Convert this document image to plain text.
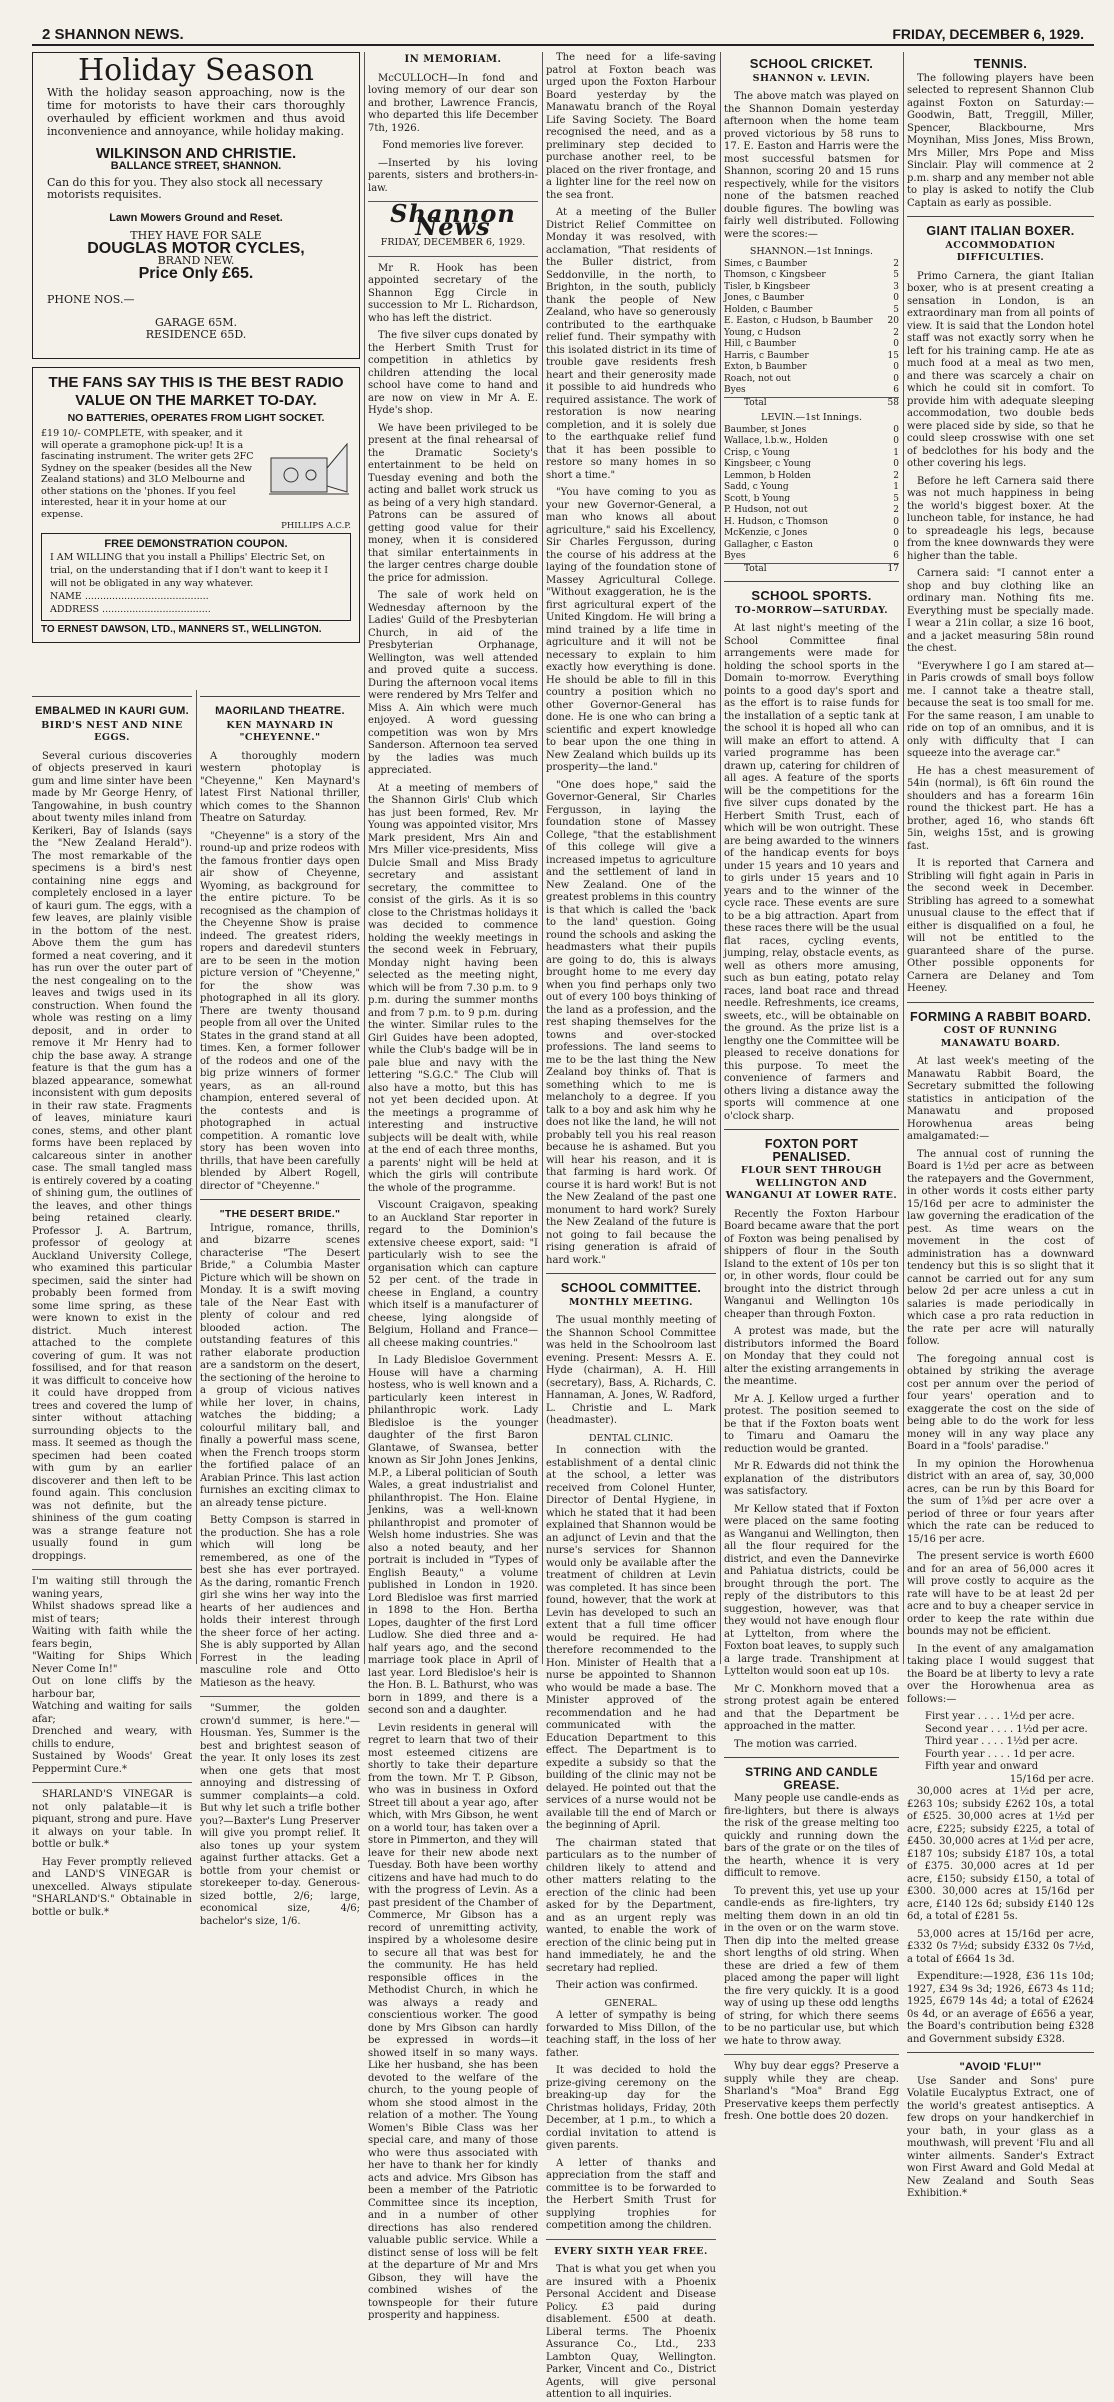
2 SHANNON NEWS.	FRIDAY, DECEMBER 6, 1929.
Holiday Season
With the holiday season approaching, now is the time for motorists to have their cars thoroughly overhauled by efficient workmen and thus avoid inconvenience and annoyance, while holiday making.
WILKINSON AND CHRISTIE.
BALLANCE STREET, SHANNON.
Can do this for you. They also stock all necessary motorists requisites.
Lawn Mowers Ground and Reset.
THEY HAVE FOR SALE
DOUGLAS MOTOR CYCLES,
BRAND NEW.
Price Only £65.
PHONE NOS.—
GARAGE 65M.
RESIDENCE 65D.
THE FANS SAY THIS IS THE BEST RADIO VALUE ON THE MARKET TO-DAY.
NO BATTERIES, OPERATES FROM LIGHT SOCKET.
£19 10/- COMPLETE, with speaker, and it will operate a gramophone pick-up! It is a fascinating instrument. The writer gets 2FC Sydney on the speaker (besides all the New Zealand stations) and 3LO Melbourne and other stations on the 'phones. If you feel interested, hear it in your home at our expense.
PHILLIPS A.C.P.
FREE DEMONSTRATION COUPON.
I AM WILLING that you install a Phillips' Electric Set, on trial, on the understanding that if I don't want to keep it I will not be obligated in any way whatever.
NAME .........................................
ADDRESS ....................................
TO ERNEST DAWSON, LTD., MANNERS ST., WELLINGTON.
EMBALMED IN KAURI GUM.
BIRD'S NEST AND NINE EGGS.

Several curious discoveries of objects preserved in kauri gum and lime sinter have been made by Mr George Henry, of Tangowahine, in bush country about twenty miles inland from Kerikeri, Bay of Islands (says the "New Zealand Herald"). The most remarkable of the specimens is a bird's nest containing nine eggs and completely enclosed in a layer of kauri gum. The eggs, with a few leaves, are plainly visible in the bottom of the nest. Above them the gum has formed a neat covering, and it has run over the outer part of the nest congealing on to the leaves and twigs used in its construction. When found the whole was resting on a limy deposit, and in order to remove it Mr Henry had to chip the base away. A strange feature is that the gum has a blazed appearance, somewhat inconsistent with gum deposits in their raw state. Fragments of leaves, miniature kauri cones, stems, and other plant forms have been replaced by calcareous sinter in another case. The small tangled mass is entirely covered by a coating of shining gum, the outlines of the leaves, and other things being retained clearly. Professor J. A. Bartrum, professor of geology at Auckland University College, who examined this particular specimen, said the sinter had probably been formed from some lime spring, as these were known to exist in the district. Much interest attached to the complete covering of gum. It was not fossilised, and for that reason it was difficult to conceive how it could have dropped from trees and covered the lump of sinter without attaching surrounding objects to the mass. It seemed as though the specimen had been coated with gum by an earlier discoverer and then left to be found again. This conclusion was not definite, but the shininess of the gum coating was a strange feature not usually found in gum droppings.

I'm waiting still through the waning years,

Whilst shadows spread like a mist of tears;

Waiting with faith while the fears begin,

"Waiting for Ships Which Never Come In!"

Out on lone cliffs by the harbour bar,

Watching and waiting for sails afar;

Drenched and weary, with chills to endure,

Sustained by Woods' Great Peppermint Cure.*

SHARLAND'S VINEGAR is not only palatable—it is piquant, strong and pure. Have it always on your table. In bottle or bulk.*

Hay Fever promptly relieved and LAND'S VINEGAR is unexcelled. Always stipulate "SHARLAND'S." Obtainable in bottle or bulk.*

MAORILAND THEATRE.
KEN MAYNARD IN "CHEYENNE."

A thoroughly modern western photoplay is "Cheyenne," Ken Maynard's latest First National thriller, which comes to the Shannon Theatre on Saturday.

"Cheyenne" is a story of the round-up and prize rodeos with the famous frontier days open air show of Cheyenne, Wyoming, as background for the entire picture. To be recognised as the champion of the Cheyenne Show is praise indeed. The greatest riders, ropers and daredevil stunters are to be seen in the motion picture version of "Cheyenne," for the show was photographed in all its glory. There are twenty thousand people from all over the United States in the grand stand at all times. Ken, a former follower of the rodeos and one of the big prize winners of former years, as an all-round champion, entered several of the contests and is photographed in actual competition. A romantic love story has been woven into thrills, that have been carefully blended by Albert Rogell, director of "Cheyenne."

"THE DESERT BRIDE."

Intrigue, romance, thrills, and bizarre scenes characterise "The Desert Bride," a Columbia Master Picture which will be shown on Monday. It is a swift moving tale of the Near East with plenty of colour and red blooded action. The outstanding features of this rather elaborate production are a sandstorm on the desert, the sectioning of the heroine to a group of vicious natives while her lover, in chains, watches the bidding; a colourful military ball, and finally a powerful mass scene, when the French troops storm the fortified palace of an Arabian Prince. This last action furnishes an exciting climax to an already tense picture.

Betty Compson is starred in the production. She has a role which will long be remembered, as one of the best she has ever portrayed. As the daring, romantic French girl she wins her way into the hearts of her audiences and holds their interest through the sheer force of her acting. She is ably supported by Allan Forrest in the leading masculine role and Otto Matieson as the heavy.

"Summer, the golden crown'd summer, is here."—Housman. Yes, Summer is the best and brightest season of the year. It only loses its zest when one gets that most annoying and distressing of summer complaints—a cold. But why let such a trifle bother you?—Baxter's Lung Preserver will give you prompt relief. It also tones up your system against further attacks. Get a bottle from your chemist or storekeeper to-day. Generous-sized bottle, 2/6; large, economical size, 4/6; bachelor's size, 1/6.

IN MEMORIAM.

McCULLOCH—In fond and loving memory of our dear son and brother, Lawrence Francis, who departed this life December 7th, 1926.

Fond memories live forever.

—Inserted by his loving parents, sisters and brothers-in-law.

Shannon News
FRIDAY, DECEMBER 6, 1929.

Mr R. Hook has been appointed secretary of the Shannon Egg Circle in succession to Mr L. Richardson, who has left the district.

The five silver cups donated by the Herbert Smith Trust for competition in athletics by children attending the local school have come to hand and are now on view in Mr A. E. Hyde's shop.

We have been privileged to be present at the final rehearsal of the Dramatic Society's entertainment to be held on Tuesday evening and both the acting and ballet work struck us as being of a very high standard. Patrons can be assured of getting good value for their money, when it is considered that similar entertainments in the larger centres charge double the price for admission.

The sale of work held on Wednesday afternoon by the Ladies' Guild of the Presbyterian Church, in aid of the Presbyterian Orphanage, Wellington, was well attended and proved quite a success. During the afternoon vocal items were rendered by Mrs Telfer and Miss A. Ain which were much enjoyed. A word guessing competition was won by Mrs Sanderson. Afternoon tea served by the ladies was much appreciated.

At a meeting of members of the Shannon Girls' Club which has just been formed, Rev. Mr Young was appointed visitor, Mrs Mark president, Mrs Ain and Mrs Miller vice-presidents, Miss Dulcie Small and Miss Brady secretary and assistant secretary, the committee to consist of the girls. As it is so close to the Christmas holidays it was decided to commence holding the weekly meetings in the second week in February, Monday night having been selected as the meeting night, which will be from 7.30 p.m. to 9 p.m. during the summer months and from 7 p.m. to 9 p.m. during the winter. Similar rules to the Girl Guides have been adopted, while the Club's badge will be in pale blue and navy with the lettering "S.G.C." The Club will also have a motto, but this has not yet been decided upon. At the meetings a programme of interesting and instructive subjects will be dealt with, while at the end of each three months, a parents' night will be held at which the girls will contribute the whole of the programme.

Viscount Craigavon, speaking to an Auckland Star reporter in regard to the Dominion's extensive cheese export, said: "I particularly wish to see the organisation which can capture 52 per cent. of the trade in cheese in England, a country which itself is a manufacturer of cheese, lying alongside of Belgium, Holland and France—all cheese making countries."

In Lady Bledisloe Government House will have a charming hostess, who is well known and a particularly keen interest in philanthropic work. Lady Bledisloe is the younger daughter of the first Baron Glantawe, of Swansea, better known as Sir John Jones Jenkins, M.P., a Liberal politician of South Wales, a great industrialist and philanthropist. The Hon. Elaine Jenkins, was a well-known philanthropist and promoter of Welsh home industries. She was also a noted beauty, and her portrait is included in "Types of English Beauty," a volume published in London in 1920. Lord Bledisloe was first married in 1898 to the Hon. Bertha Lopes, daughter of the first Lord Ludlow. She died three and a-half years ago, and the second marriage took place in April of last year. Lord Bledisloe's heir is the Hon. B. L. Bathurst, who was born in 1899, and there is a second son and a daughter.

Levin residents in general will regret to learn that two of their most esteemed citizens are shortly to take their departure from the town. Mr T. P. Gibson, who was in business in Oxford Street till about a year ago, after which, with Mrs Gibson, he went on a world tour, has taken over a store in Pimmerton, and they will leave for their new abode next Tuesday. Both have been worthy citizens and have had much to do with the progress of Levin. As a past president of the Chamber of Commerce, Mr Gibson has a record of unremitting activity, inspired by a wholesome desire to secure all that was best for the community. He has held responsible offices in the Methodist Church, in which he was always a ready and conscientious worker. The good done by Mrs Gibson can hardly be expressed in words—it showed itself in so many ways. Like her husband, she has been devoted to the welfare of the church, to the young people of whom she stood almost in the relation of a mother. The Young Women's Bible Class was her special care, and many of those who were thus associated with her have to thank her for kindly acts and advice. Mrs Gibson has been a member of the Patriotic Committee since its inception, and in a number of other directions has also rendered valuable public service. While a distinct sense of loss will be felt at the departure of Mr and Mrs Gibson, they will have the combined wishes of the townspeople for their future prosperity and happiness.

The need for a life-saving patrol at Foxton beach was urged upon the Foxton Harbour Board yesterday by the Manawatu branch of the Royal Life Saving Society. The Board recognised the need, and as a preliminary step decided to purchase another reel, to be placed on the river frontage, and a lighter line for the reel now on the sea front.

At a meeting of the Buller District Relief Committee on Monday it was resolved, with acclamation, "That residents of the Buller district, from Seddonville, in the north, to Brighton, in the south, publicly thank the people of New Zealand, who have so generously contributed to the earthquake relief fund. Their sympathy with this isolated district in its time of trouble gave residents fresh heart and their generosity made it possible to aid hundreds who required assistance. The work of restoration is now nearing completion, and it is solely due to the earthquake relief fund that it has been possible to restore so many homes in so short a time."

"You have coming to you as your new Governor-General, a man who knows all about agriculture," said his Excellency, Sir Charles Fergusson, during the course of his address at the laying of the foundation stone of Massey Agricultural College. "Without exaggeration, he is the first agricultural expert of the United Kingdom. He will bring a mind trained by a life time in agriculture and it will not be necessary to explain to him exactly how everything is done. He should be able to fill in this country a position which no other Governor-General has done. He is one who can bring a scientific and expert knowledge to bear upon the one thing in New Zealand which builds up its prosperity—the land."

"One does hope," said the Governor-General, Sir Charles Fergusson, in laying the foundation stone of Massey College, "that the establishment of this college will give a increased impetus to agriculture and the settlement of land in New Zealand. One of the greatest problems in this country is that which is called the 'back to the land' question. Going round the schools and asking the headmasters what their pupils are going to do, this is always brought home to me every day when you find perhaps only two out of every 100 boys thinking of the land as a profession, and the rest shaping themselves for the towns and over-stocked professions. The land seems to me to be the last thing the New Zealand boy thinks of. That is something which to me is melancholy to a degree. If you talk to a boy and ask him why he does not like the land, he will not probably tell you his real reason because he is ashamed. But you will hear his reason, and it is that farming is hard work. Of course it is hard work! But is not the New Zealand of the past one monument to hard work? Surely the New Zealand of the future is not going to fail because the rising generation is afraid of hard work."

SCHOOL COMMITTEE.
MONTHLY MEETING.

The usual monthly meeting of the Shannon School Committee was held in the Schoolroom last evening. Present: Messrs A. E. Hyde (chairman), A. H. Hill (secretary), Bass, A. Richards, C. Hannaman, A. Jones, W. Radford, L. Christie and L. Mark (headmaster).

DENTAL CLINIC.

In connection with the establishment of a dental clinic at the school, a letter was received from Colonel Hunter, Director of Dental Hygiene, in which he stated that it had been explained that Shannon would be an adjunct of Levin and that the nurse's services for Shannon would only be available after the treatment of children at Levin was completed. It has since been found, however, that the work at Levin has developed to such an extent that a full time officer would be required. He had therefore recommended to the Hon. Minister of Health that a nurse be appointed to Shannon who would be made a base. The Minister approved of the recommendation and he had communicated with the Education Department to this effect. The Department is to expedite a subsidy so that the building of the clinic may not be delayed. He pointed out that the services of a nurse would not be available till the end of March or the beginning of April.

The chairman stated that particulars as to the number of children likely to attend and other matters relating to the erection of the clinic had been asked for by the Department, and as an urgent reply was wanted, to enable the work of erection of the clinic being put in hand immediately, he and the secretary had replied.

Their action was confirmed.

GENERAL.

A letter of sympathy is being forwarded to Miss Dillon, of the teaching staff, in the loss of her father.

It was decided to hold the prize-giving ceremony on the breaking-up day for the Christmas holidays, Friday, 20th December, at 1 p.m., to which a cordial invitation to attend is given parents.

A letter of thanks and appreciation from the staff and committee is to be forwarded to the Herbert Smith Trust for supplying trophies for competition among the children.

EVERY SIXTH YEAR FREE.

That is what you get when you are insured with a Phoenix Personal Accident and Disease Policy. £3 paid during disablement. £500 at death. Liberal terms. The Phoenix Assurance Co., Ltd., 233 Lambton Quay, Wellington. Parker, Vincent and Co., District Agents, will give personal attention to all inquiries.

SCHOOL CRICKET.
SHANNON v. LEVIN.

The above match was played on the Shannon Domain yesterday afternoon when the home team proved victorious by 58 runs to 17. E. Easton and Harris were the most successful batsmen for Shannon, scoring 20 and 15 runs respectively, while for the visitors none of the batsmen reached double figures. The bowling was fairly well distributed. Following were the scores:—

SHANNON.—1st Innings.
Simes, c Baumber	2
Thomson, c Kingsbeer	5
Tisler, b Kingsbeer	3
Jones, c Baumber	0
Holden, c Baumber	5
E. Easton, c Hudson, b Baumber	20
Young, c Hudson	2
Hill, c Baumber	0
Harris, c Baumber	15
Exton, b Baumber	0
Roach, not out	0
Byes	6
Total	58
LEVIN.—1st Innings.
Baumber, st Jones	0
Wallace, l.b.w., Holden	0
Crisp, c Young	1
Kingsbeer, c Young	0
Lemmon, b Holden	2
Sadd, c Young	1
Scott, b Young	5
P. Hudson, not out	2
H. Hudson, c Thomson	0
McKenzie, c Jones	0
Gallagher, c Easton	0
Byes	6
Total	17
SCHOOL SPORTS.
TO-MORROW—SATURDAY.

At last night's meeting of the School Committee final arrangements were made for holding the school sports in the Domain to-morrow. Everything points to a good day's sport and as the effort is to raise funds for the installation of a septic tank at the school it is hoped all who can will make an effort to attend. A varied programme has been drawn up, catering for children of all ages. A feature of the sports will be the competitions for the five silver cups donated by the Herbert Smith Trust, each of which will be won outright. These are being awarded to the winners of the handicap events for boys under 15 years and 10 years and to girls under 15 years and 10 years and to the winner of the cycle race. These events are sure to be a big attraction. Apart from these races there will be the usual flat races, cycling events, jumping, relay, obstacle events, as well as others more amusing, such as bun eating, potato relay races, land boat race and thread needle. Refreshments, ice creams, sweets, etc., will be obtainable on the ground. As the prize list is a lengthy one the Committee will be pleased to receive donations for this purpose. To meet the convenience of farmers and others living a distance away the sports will commence at one o'clock sharp.

FOXTON PORT PENALISED.
FLOUR SENT THROUGH WELLINGTON AND WANGANUI AT LOWER RATE.

Recently the Foxton Harbour Board became aware that the port of Foxton was being penalised by shippers of flour in the South Island to the extent of 10s per ton or, in other words, flour could be brought into the district through Wanganui and Wellington 10s cheaper than through Foxton.

A protest was made, but the distributors informed the Board on Monday that they could not alter the existing arrangements in the meantime.

Mr A. J. Kellow urged a further protest. The position seemed to be that if the Foxton boats went to Timaru and Oamaru the reduction would be granted.

Mr R. Edwards did not think the explanation of the distributors was satisfactory.

Mr Kellow stated that if Foxton were placed on the same footing as Wanganui and Wellington, then all the flour required for the district, and even the Dannevirke and Pahiatua districts, could be brought through the port. The reply of the distributors to this suggestion, however, was that they would not have enough flour at Lyttelton, from where the Foxton boat leaves, to supply such a large trade. Transhipment at Lyttelton would soon eat up 10s.

Mr C. Monkhorn moved that a strong protest again be entered and that the Department be approached in the matter.

The motion was carried.

STRING AND CANDLE GREASE.

Many people use candle-ends as fire-lighters, but there is always the risk of the grease melting too quickly and running down the bars of the grate or on the tiles of the hearth, whence it is very difficult to remove.

To prevent this, yet use up your candle-ends as fire-lighters, try melting them down in an old tin in the oven or on the warm stove. Then dip into the melted grease short lengths of old string. When these are dried a few of them placed among the paper will light the fire very quickly. It is a good way of using up these odd lengths of string, for which there seems to be no particular use, but which we hate to throw away.

Why buy dear eggs? Preserve a supply while they are cheap. Sharland's "Moa" Brand Egg Preservative keeps them perfectly fresh. One bottle does 20 dozen.

TENNIS.

The following players have been selected to represent Shannon Club against Foxton on Saturday:—Goodwin, Batt, Treggill, Miller, Spencer, Blackbourne, Mrs Moynihan, Miss Jones, Miss Brown, Mrs Miller, Mrs Pope and Miss Sinclair. Play will commence at 2 p.m. sharp and any member not able to play is asked to notify the Club Captain as early as possible.

GIANT ITALIAN BOXER.
ACCOMMODATION DIFFICULTIES.

Primo Carnera, the giant Italian boxer, who is at present creating a sensation in London, is an extraordinary man from all points of view. It is said that the London hotel staff was not exactly sorry when he left for his training camp. He ate as much food at a meal as two men, and there was scarcely a chair on which he could sit in comfort. To provide him with adequate sleeping accommodation, two double beds were placed side by side, so that he could sleep crosswise with one set of bedclothes for his body and the other covering his legs.

Before he left Carnera said there was not much happiness in being the world's biggest boxer. At the luncheon table, for instance, he had to spreadeagle his legs, because from the knee downwards they were higher than the table.

Carnera said: "I cannot enter a shop and buy clothing like an ordinary man. Nothing fits me. Everything must be specially made. I wear a 21in collar, a size 16 boot, and a jacket measuring 58in round the chest.

"Everywhere I go I am stared at—in Paris crowds of small boys follow me. I cannot take a theatre stall, because the seat is too small for me. For the same reason, I am unable to ride on top of an omnibus, and it is only with difficulty that I can squeeze into the average car."

He has a chest measurement of 54in (normal), is 6ft 6in round the shoulders and has a forearm 16in round the thickest part. He has a brother, aged 16, who stands 6ft 5in, weighs 15st, and is growing fast.

It is reported that Carnera and Stribling will fight again in Paris in the second week in December. Stribling has agreed to a somewhat unusual clause to the effect that if either is disqualified on a foul, he will not be entitled to the guaranteed share of the purse. Other possible opponents for Carnera are Delaney and Tom Heeney.

FORMING A RABBIT BOARD.
COST OF RUNNING MANAWATU BOARD.

At last week's meeting of the Manawatu Rabbit Board, the Secretary submitted the following statistics in anticipation of the Manawatu and proposed Horowhenua areas being amalgamated:—

The annual cost of running the Board is 1½d per acre as between the ratepayers and the Government, in other words it costs either party 15/16d per acre to administer the law governing the eradication of the pest. As time wears on the movement in the cost of administration has a downward tendency but this is so slight that it cannot be carried out for any sum below 2d per acre unless a cut in salaries is made periodically in which case a pro rata reduction in the rate per acre will naturally follow.

The foregoing annual cost is obtained by striking the average cost per annum over the period of four years' operation and to exaggerate the cost on the side of being able to do the work for less money will in any way place any Board in a "fools' paradise."

In my opinion the Horowhenua district with an area of, say, 30,000 acres, can be run by this Board for the sum of 1⅝d per acre over a period of three or four years after which the rate can be reduced to 15/16 per acre.

The present service is worth £600 and for an area of 56,000 acres it will prove costly to acquire as the rate will have to be at least 2d per acre and to buy a cheaper service in order to keep the rate within due bounds may not be efficient.

In the event of any amalgamation taking place I would suggest that the Board be at liberty to levy a rate over the Horowhenua area as follows:—

First year . . . . 1½d per acre.
Second year . . . . 1½d per acre.
Third year . . . . 1½d per acre.
Fourth year . . . . 1d per acre.
Fifth year and onward
15/16d per acre.

30,000 acres at 1½d per acre, £263 10s; subsidy £262 10s, a total of £525. 30,000 acres at 1½d per acre, £225; subsidy £225, a total of £450. 30,000 acres at 1½d per acre, £187 10s; subsidy £187 10s, a total of £375. 30,000 acres at 1d per acre, £150; subsidy £150, a total of £300. 30,000 acres at 15/16d per acre, £140 12s 6d; subsidy £140 12s 6d, a total of £281 5s.

53,000 acres at 15/16d per acre, £332 0s 7½d; subsidy £332 0s 7½d, a total of £664 1s 3d.

Expenditure:—1928, £36 11s 10d; 1927, £34 9s 3d; 1926, £673 4s 11d; 1925, £679 14s 4d; a total of £2624 0s 4d, or an average of £656 a year, the Board's contribution being £328 and Government subsidy £328.

"AVOID 'FLU!'"

Use Sander and Sons' pure Volatile Eucalyptus Extract, one of the world's greatest antiseptics. A few drops on your handkerchief in your bath, in your glass as a mouthwash, will prevent 'Flu and all winter ailments. Sander's Extract won First Award and Gold Medal at New Zealand and South Seas Exhibition.*
